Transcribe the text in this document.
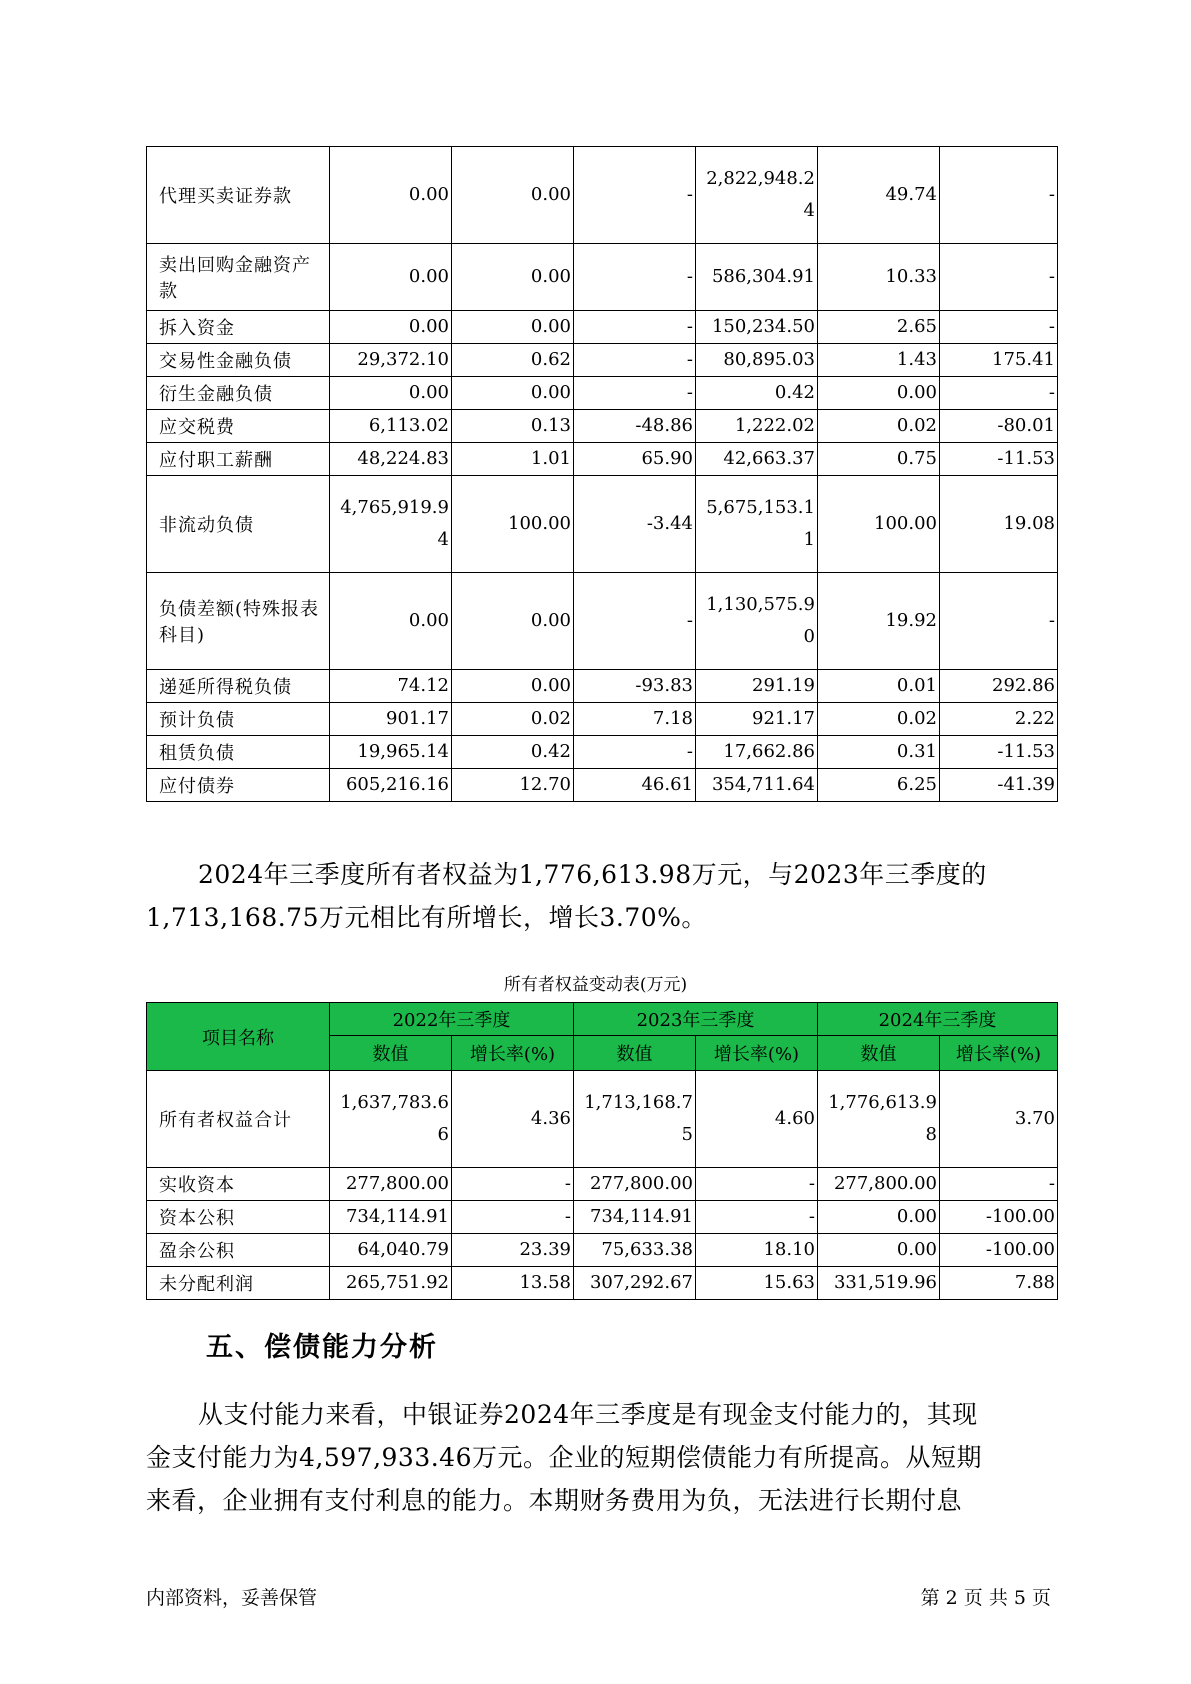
代理买卖证券款	0.00	0.00	-	2,822,948.24	49.74	-
卖出回购金融资产款	0.00	0.00	-	586,304.91	10.33	-
拆入资金	0.00	0.00	-	150,234.50	2.65	-
交易性金融负债	29,372.10	0.62	-	80,895.03	1.43	175.41
衍生金融负债	0.00	0.00	-	0.42	0.00	-
应交税费	6,113.02	0.13	-48.86	1,222.02	0.02	-80.01
应付职工薪酬	48,224.83	1.01	65.90	42,663.37	0.75	-11.53
非流动负债	4,765,919.94	100.00	-3.44	5,675,153.11	100.00	19.08
负债差额(特殊报表科目)	0.00	0.00	-	1,130,575.90	19.92	-
递延所得税负债	74.12	0.00	-93.83	291.19	0.01	292.86
预计负债	901.17	0.02	7.18	921.17	0.02	2.22
租赁负债	19,965.14	0.42	-	17,662.86	0.31	-11.53
应付债券	605,216.16	12.70	46.61	354,711.64	6.25	-41.39
2024年三季度所有者权益为1,776,613.98万元，与2023年三季度的
1,713,168.75万元相比有所增长，增长3.70%。
所有者权益变动表(万元)
项目名称	2022年三季度		2023年三季度		2024年三季度	
	数值	增长率(%)	数值	增长率(%)	数值	增长率(%)
所有者权益合计	1,637,783.66	4.36	1,713,168.75	4.60	1,776,613.98	3.70
实收资本	277,800.00	-	277,800.00	-	277,800.00	-
资本公积	734,114.91	-	734,114.91	-	0.00	-100.00
盈余公积	64,040.79	23.39	75,633.38	18.10	0.00	-100.00
未分配利润	265,751.92	13.58	307,292.67	15.63	331,519.96	7.88
五、偿债能力分析
从支付能力来看，中银证券2024年三季度是有现金支付能力的，其现
金支付能力为4,597,933.46万元。企业的短期偿债能力有所提高。从短期
来看，企业拥有支付利息的能力。本期财务费用为负，无法进行长期付息
内部资料，妥善保管	第 2 页 共 5 页
